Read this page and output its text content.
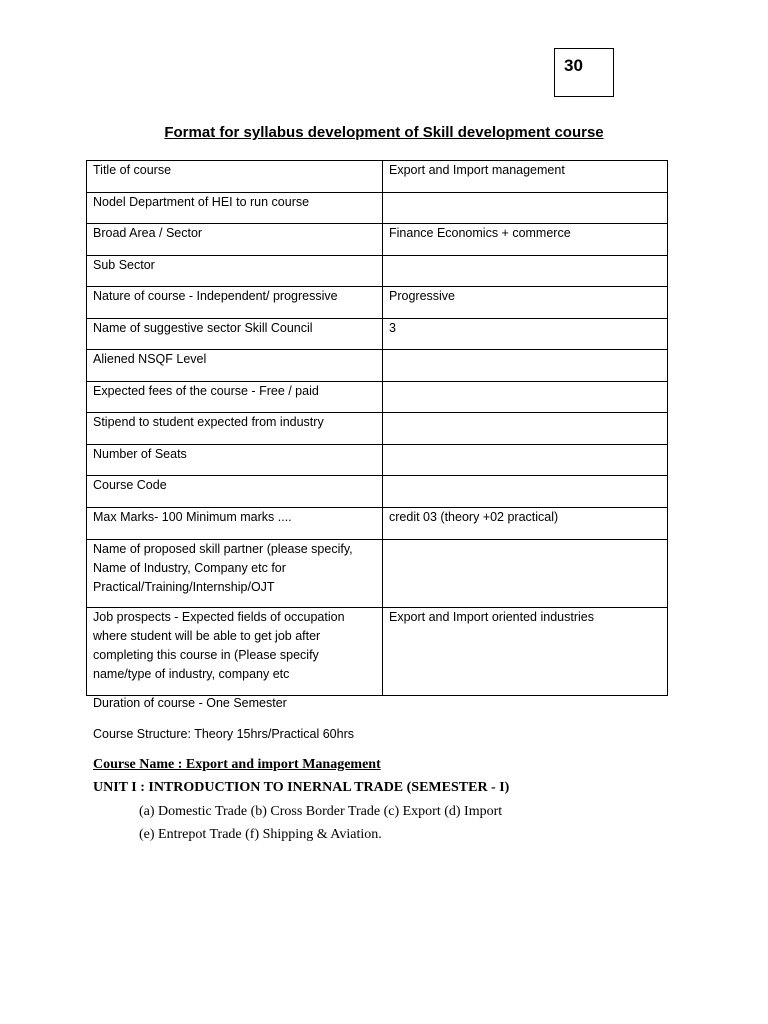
30
Format for syllabus development of Skill development course
Title of course	Export and Import management
Nodel Department of HEI to run course	
Broad Area / Sector	Finance Economics + commerce
Sub Sector	
Nature of course - Independent/ progressive	Progressive
Name of suggestive sector Skill Council	3
Aliened NSQF Level	
Expected fees of the course - Free / paid	
Stipend to student expected from industry	
Number of Seats	
Course Code	
Max Marks- 100 Minimum marks ....	credit 03 (theory +02 practical)
Name of proposed skill partner (please specify, Name of Industry, Company etc for Practical/Training/Internship/OJT	
Job prospects - Expected fields of occupation where student will be able to get job after completing this course in (Please specify name/type of industry, company etc	Export and Import oriented industries
Duration of course - One Semester
Course Structure: Theory 15hrs/Practical 60hrs
Course Name : Export and import Management
UNIT I : INTRODUCTION TO INERNAL TRADE (SEMESTER - I)
(a) Domestic Trade (b) Cross Border Trade (c) Export (d) Import
(e) Entrepot Trade (f) Shipping & Aviation.
